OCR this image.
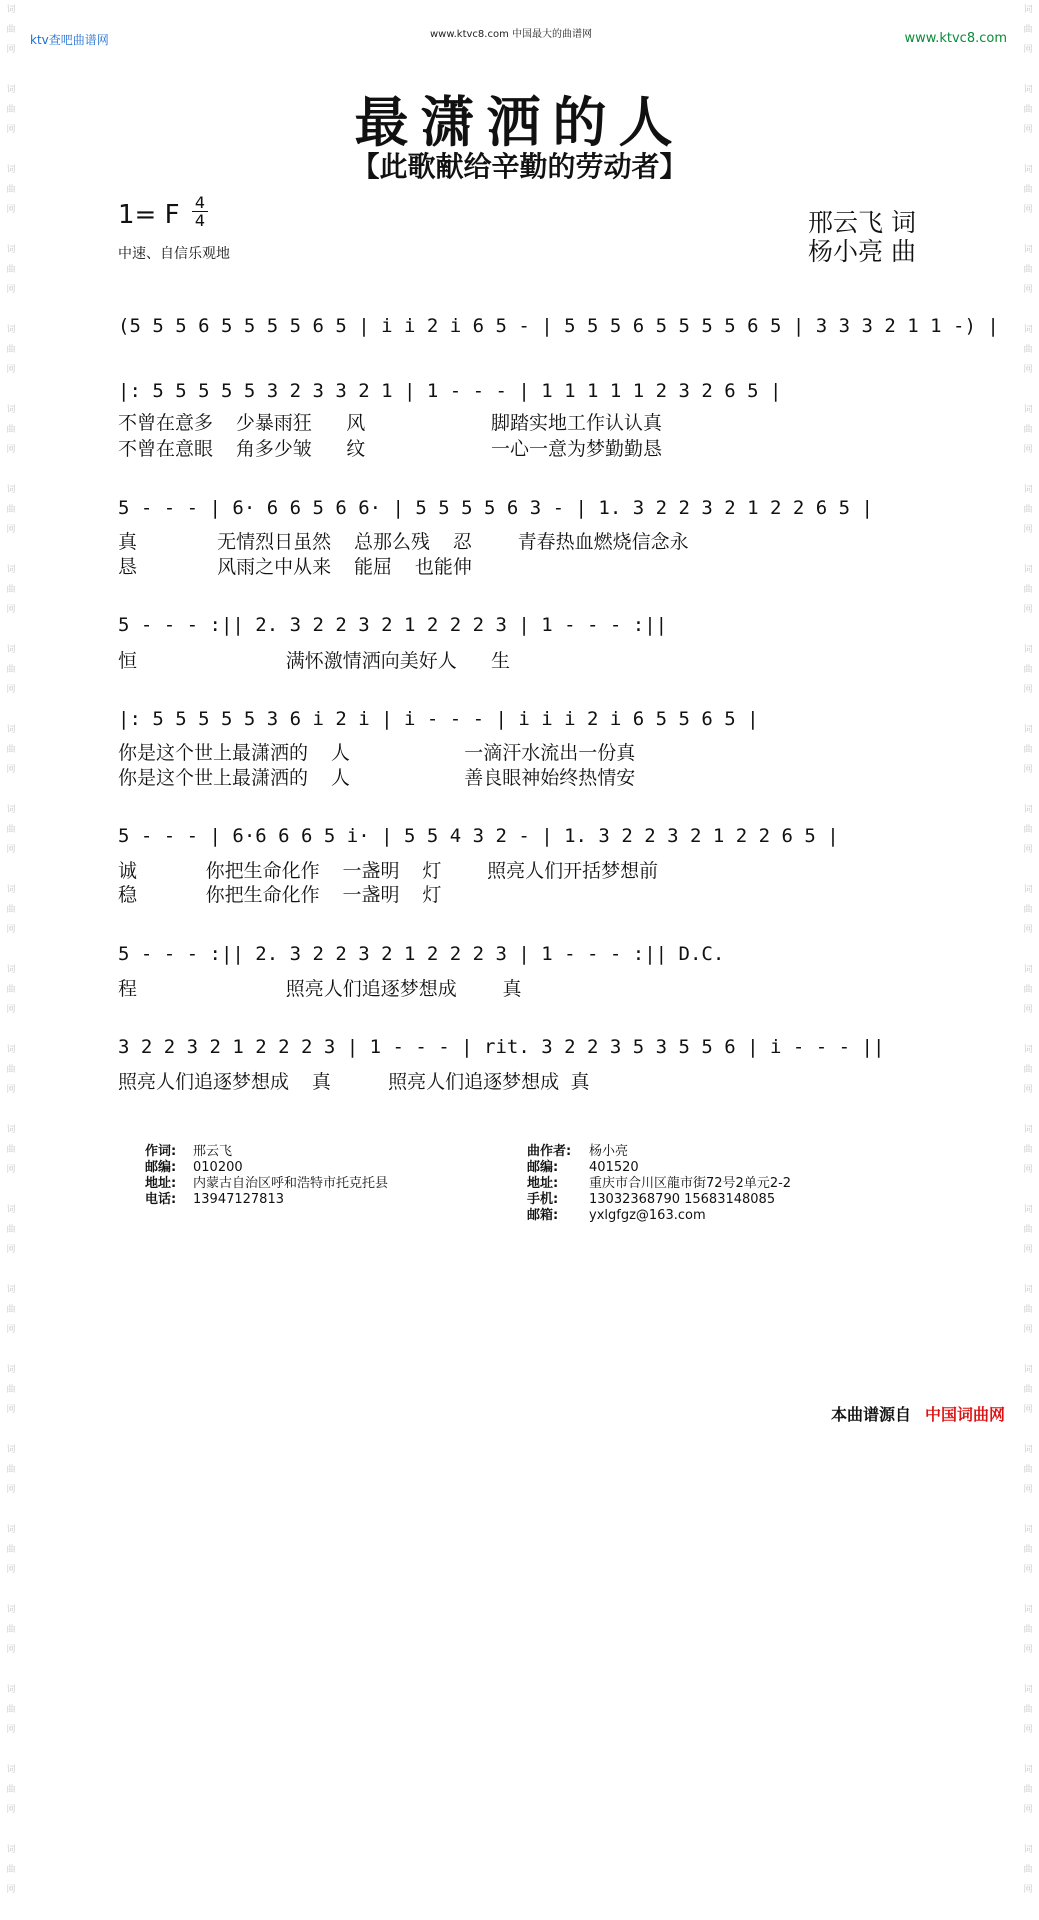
词
曲
网

词
曲
网

词
曲
网

词
曲
网

词
曲
网

词
曲
网

词
曲
网

词
曲
网

词
曲
网

词
曲
网

词
曲
网

词
曲
网

词
曲
网

词
曲
网

词
曲
网

词
曲
网

词
曲
网

词
曲
网

词
曲
网

词
曲
网

词
曲
网

词
曲
网

词
曲
网

词
曲
网

词
曲
网

词
曲
网

词
曲
网

词
曲
网

词
曲
网

词
曲
网

词
曲
网

词
曲
网

词
曲
网

词
曲
网

词
曲
网

词
曲
网

词
曲
网

词
曲
网

词
曲
网

词
曲
网

词
曲
网

词
曲
网

词
曲
网

词
曲
网

词
曲
网

词
曲
网

词
曲
网

词
曲
网

ktv查吧曲谱网	www.ktvc8.com 中国最大的曲谱网	www.ktvc8.com
最潇洒的人
【此歌献给辛勤的劳动者】
1= F 4
4
中速、自信乐观地
邢云飞 词
杨小亮 曲
(5 5 5 6 5 5 5 5 6 5 | i i 2 i 6 5 - | 5 5 5 6 5 5 5 5 6 5 | 3 3 3 2 1 1 -) |
|: 5 5 5 5 5 3 2 3 3 2 1 | 1 - - - | 1 1 1 1 1 2 3 2 6 5 |
不曾在意多  少暴雨狂   风           脚踏实地工作认认真
不曾在意眼  角多少皱   纹           一心一意为梦勤勤恳
5 - - - | 6· 6 6 5 6 6· | 5 5 5 5 6 3 - | 1. 3 2 2 3 2 1 2 2 6 5 |
真       无情烈日虽然  总那么残  忍    青春热血燃烧信念永
恳       风雨之中从来  能屈  也能伸
5 - - - :|| 2. 3 2 2 3 2 1 2 2 2 3 | 1 - - - :||
恒             满怀激情洒向美好人   生
|: 5 5 5 5 5 3 6 i 2 i | i - - - | i i i 2 i 6 5 5 6 5 |
你是这个世上最潇洒的  人          一滴汗水流出一份真
你是这个世上最潇洒的  人          善良眼神始终热情安
5 - - - | 6·6 6 6 5 i· | 5 5 4 3 2 - | 1. 3 2 2 3 2 1 2 2 6 5 |
诚      你把生命化作  一盏明  灯    照亮人们开括梦想前
稳      你把生命化作  一盏明  灯
5 - - - :|| 2. 3 2 2 3 2 1 2 2 2 3 | 1 - - - :|| D.C.
程             照亮人们追逐梦想成    真
3 2 2 3 2 1 2 2 2 3 | 1 - - - | rit. 3 2 2 3 5 3 5 5 6 | i - - - ||
照亮人们追逐梦想成  真     照亮人们追逐梦想成 真
作词: 邢云飞
邮编: 010200
地址: 内蒙古自治区呼和浩特市托克托县
电话: 13947127813
曲作者: 杨小亮
邮编: 401520
地址: 重庆市合川区龍市街72号2单元2-2
手机: 13032368790 15683148085
邮箱: yxlgfgz@163.com
本曲谱源自 中国词曲网
